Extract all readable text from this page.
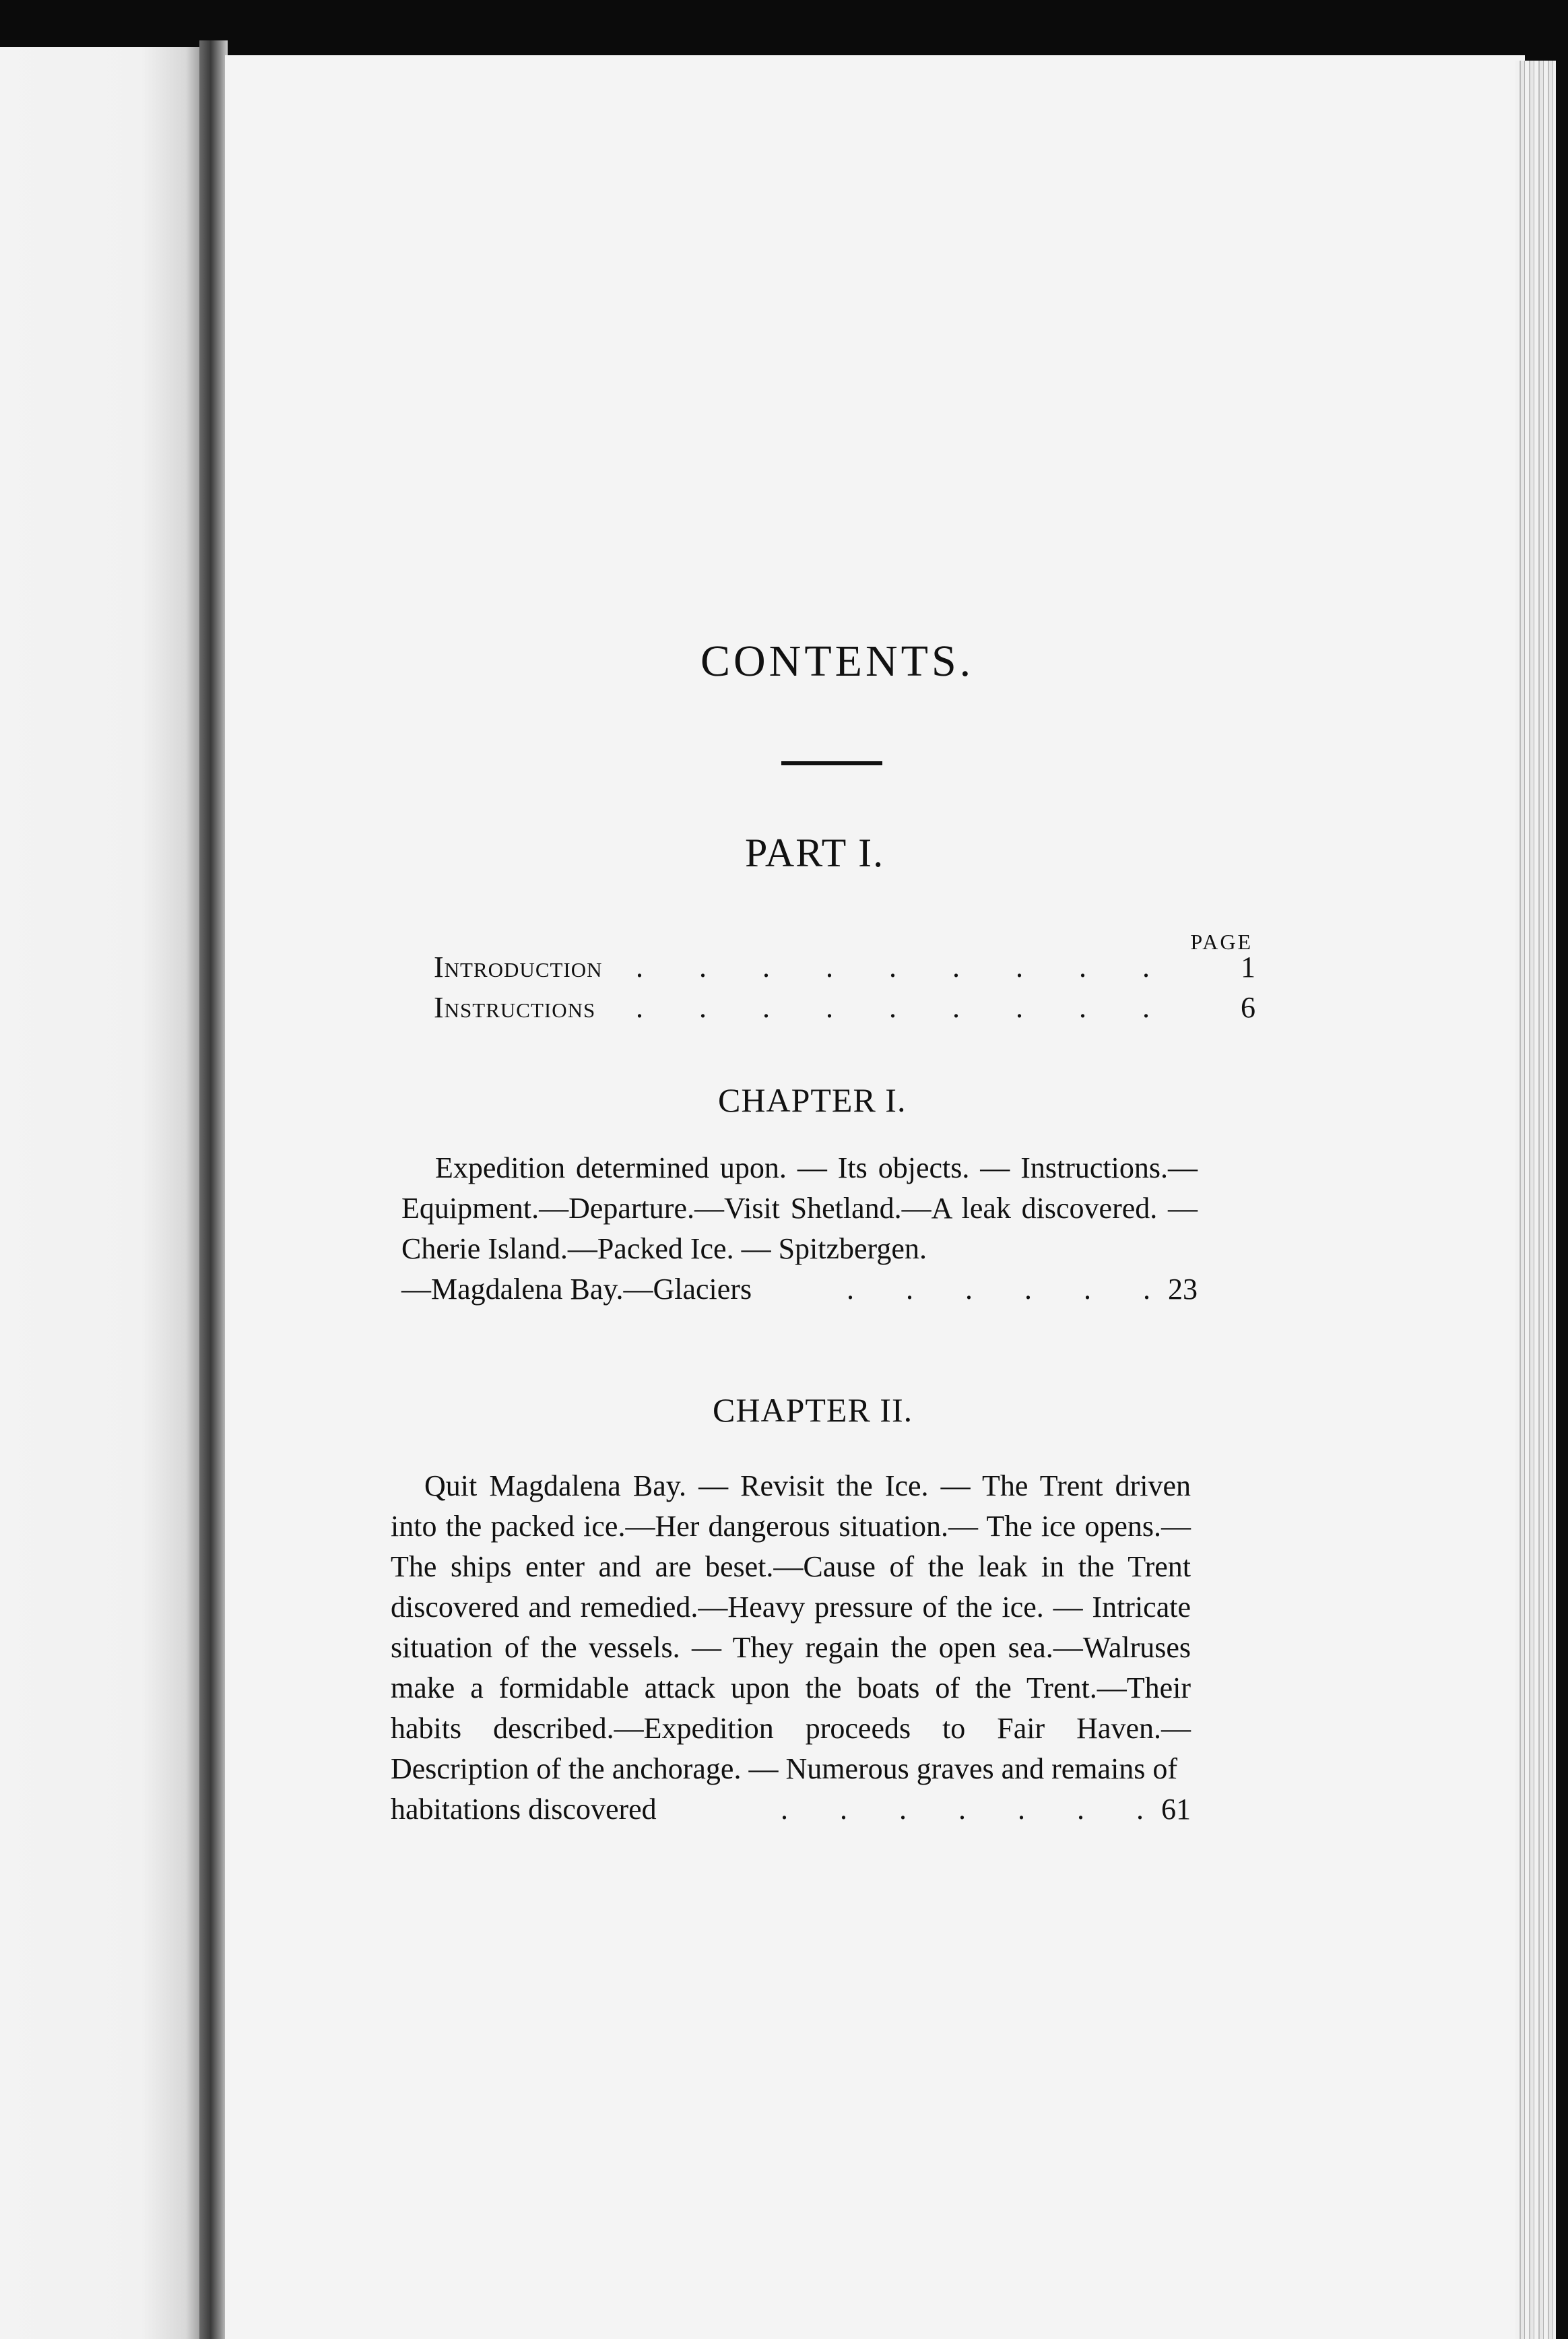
CONTENTS.
PART I.
PAGE
Introduction . . . . . . . . .	1
Instructions . . . . . . . . .	6
CHAPTER I.

Expedition determined upon. — Its objects. — Instructions.—Equipment.—Departure.—Visit Shetland.—A leak discovered. — Cherie Island.—Packed Ice. — Spitzbergen.

—Magdalena Bay.—Glaciers	. . . . . . 23
CHAPTER II.

Quit Magdalena Bay. — Revisit the Ice. — The Trent driven into the packed ice.—Her dangerous situation.— The ice opens.—The ships enter and are beset.—Cause of the leak in the Trent discovered and remedied.—Heavy pressure of the ice. — Intricate situation of the vessels. — They regain the open sea.—Walruses make a formidable attack upon the boats of the Trent.—Their habits described.—Expedition proceeds to Fair Haven.—Description of the anchorage. — Numerous graves and remains of

habitations discovered	. . . . . . . 61
